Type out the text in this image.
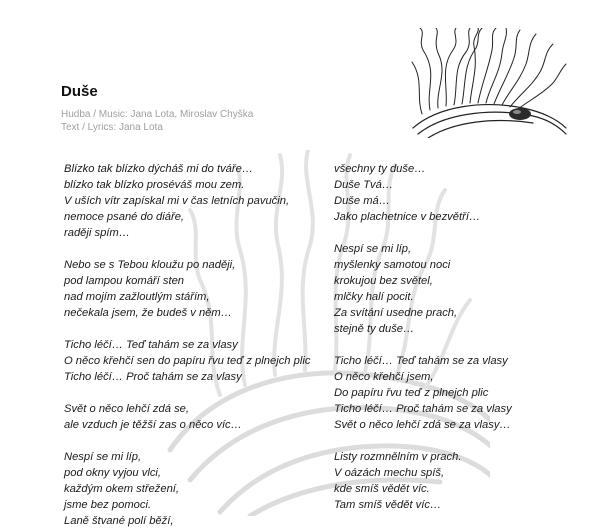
Duše
Hudba / Music: Jana Lota, Miroslav Chyška
Text / Lyrics: Jana Lota
Blízko tak blízko dýcháš mi do tváře…
blízko tak blízko proséváš mou zem.
V uších vítr zapískal mi v čas letních pavučin,
nemoce psané do diáře,
raději spím…
Nebo se s Tebou kloužu po naději,
pod lampou komáří sten
nad mojím zažloutlým stářím,
nečekala jsem, že budeš v něm…
Ticho léčí… Teď tahám se za vlasy
O něco křehčí sen do papíru řvu teď z plnejch plic
Ticho léčí… Proč tahám se za vlasy
Svět o něco lehčí zdá se,
ale vzduch je těžší zas o něco víc…
Nespí se mi líp,
pod okny vyjou vlci,
každým okem střežení,
jsme bez pomoci.
Laně štvané polí běží,
všechny ty duše…
Duše Tvá…
Duše má…
Jako plachetnice v bezvětří…
Nespí se mi líp,
myšlenky samotou noci
krokujou bez světel,
mlčky halí pocit.
Za svítání usedne prach,
stejně ty duše…
Ticho léčí… Teď tahám se za vlasy
O něco křehčí jsem,
Do papíru řvu teď z plnejch plic
Ticho léčí… Proč tahám se za vlasy
Svět o něco lehčí zdá se za vlasy…
Listy rozmnělním v prach.
V oázách mechu spíš,
kde smíš vědět víc.
Tam smíš vědět víc…
